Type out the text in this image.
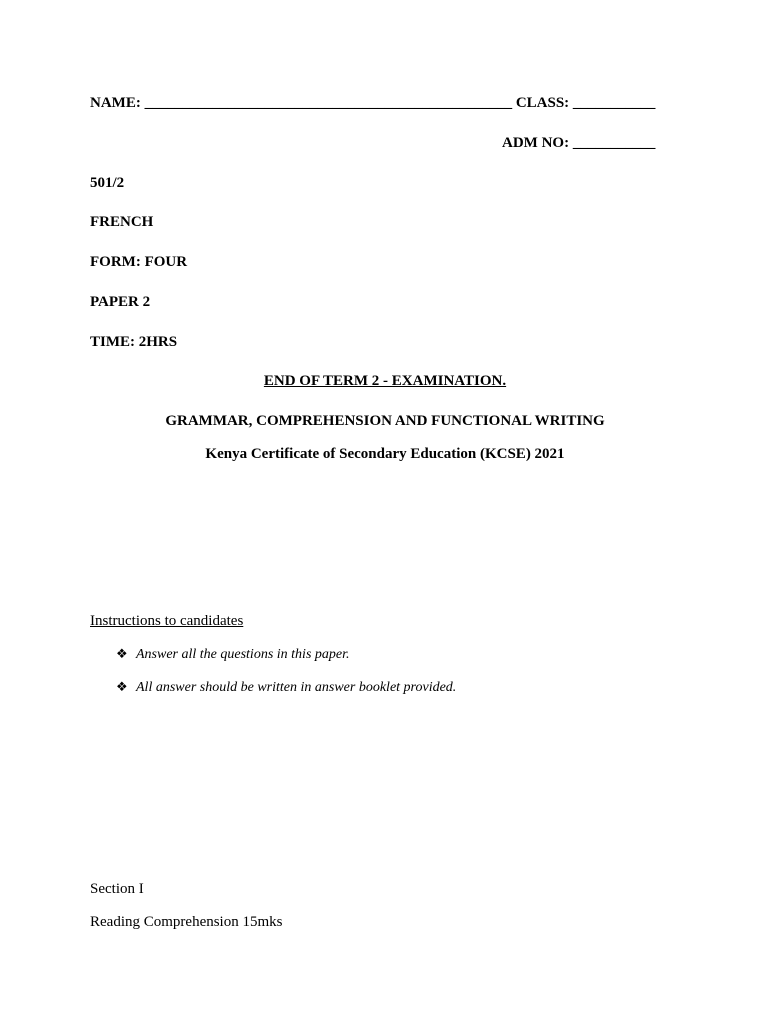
NAME: _________________________________________________ CLASS: ___________
ADM NO: ___________
501/2
FRENCH
FORM: FOUR
PAPER 2
TIME: 2HRS
END OF TERM 2 - EXAMINATION.
GRAMMAR, COMPREHENSION AND FUNCTIONAL WRITING
Kenya Certificate of Secondary Education (KCSE) 2021
Instructions to candidates
❖ Answer all the questions in this paper.
❖ All answer should be written in answer booklet provided.
Section I
Reading Comprehension 15mks
